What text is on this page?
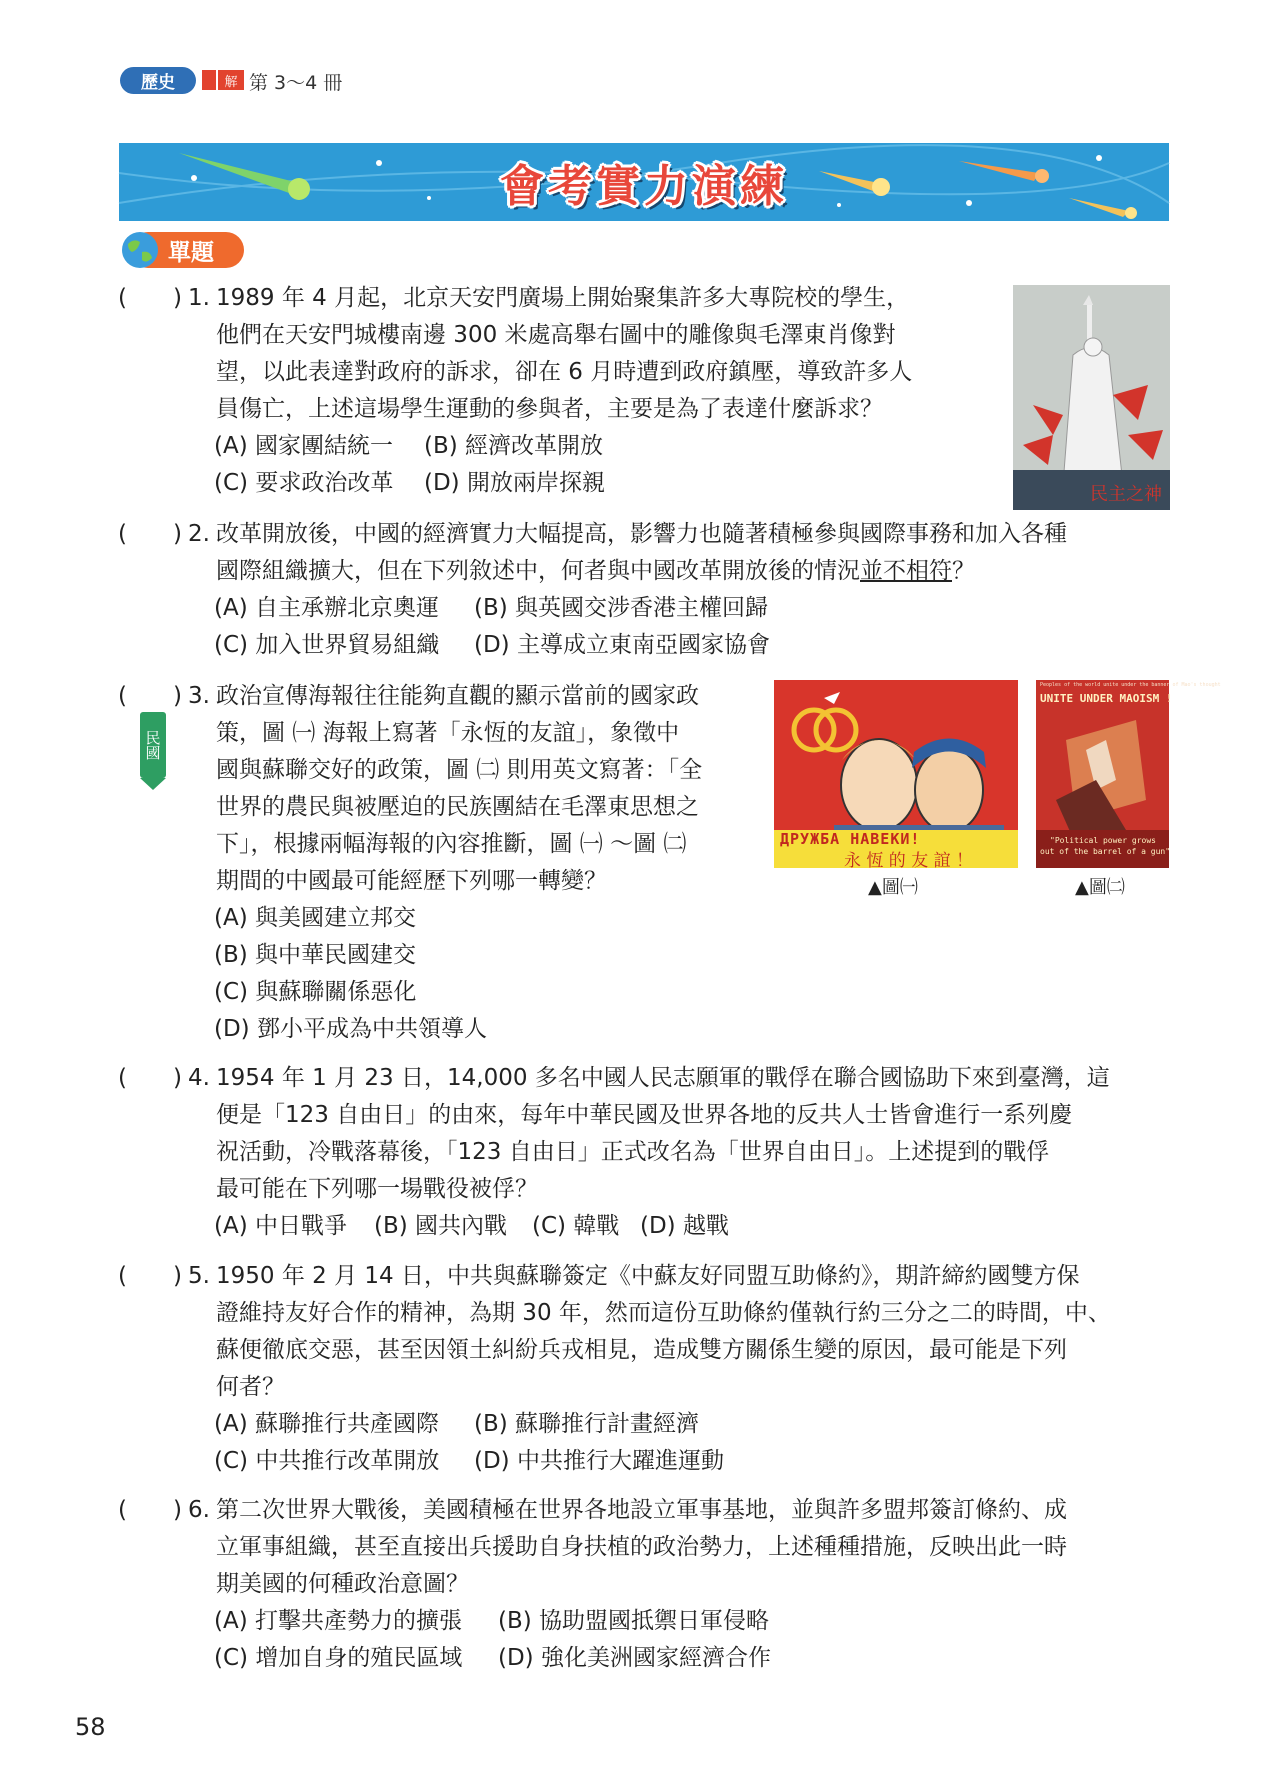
歷史	解 第 3～4 冊
會考實力演練
單題
(　　) 1. 1989 年 4 月起，北京天安門廣場上開始聚集許多大專院校的學生，
他們在天安門城樓南邊 300 米處高舉右圖中的雕像與毛澤東肖像對
望，以此表達對政府的訴求，卻在 6 月時遭到政府鎮壓，導致許多人
員傷亡，上述這場學生運動的參與者，主要是為了表達什麼訴求？
(A) 國家團結統一 (B) 經濟改革開放
(C) 要求政治改革 (D) 開放兩岸探親	民主之神
(　　) 2. 改革開放後，中國的經濟實力大幅提高，影響力也隨著積極參與國際事務和加入各種
國際組織擴大，但在下列敘述中，何者與中國改革開放後的情況並不相符？
(A) 自主承辦北京奧運 (B) 與英國交涉香港主權回歸
(C) 加入世界貿易組織 (D) 主導成立東南亞國家協會
民國
(　　) 3. 政治宣傳海報往往能夠直觀的顯示當前的國家政
策，圖 ㈠ 海報上寫著「永恆的友誼」，象徵中
國與蘇聯交好的政策，圖 ㈡ 則用英文寫著：「全
世界的農民與被壓迫的民族團結在毛澤東思想之
下」，根據兩幅海報的內容推斷，圖 ㈠ ～圖 ㈡
期間的中國最可能經歷下列哪一轉變？
(A) 與美國建立邦交
(B) 與中華民國建交
(C) 與蘇聯關係惡化
(D) 鄧小平成為中共領導人
ДРУЖБА НАВЕКИ!
永 恆 的 友 誼 ！
▲圖㈠
Peoples of the world unite under the banner of Mao's thought
UNITE UNDER MAOISM !
"Political power grows
out of the barrel of a gun"
▲圖㈡
(　　) 4. 1954 年 1 月 23 日，14,000 多名中國人民志願軍的戰俘在聯合國協助下來到臺灣，這
便是「123 自由日」的由來，每年中華民國及世界各地的反共人士皆會進行一系列慶
祝活動，冷戰落幕後，「123 自由日」正式改名為「世界自由日」。上述提到的戰俘
最可能在下列哪一場戰役被俘？
(A) 中日戰爭 (B) 國共內戰 (C) 韓戰 (D) 越戰
(　　) 5. 1950 年 2 月 14 日，中共與蘇聯簽定《中蘇友好同盟互助條約》，期許締約國雙方保
證維持友好合作的精神，為期 30 年，然而這份互助條約僅執行約三分之二的時間，中、
蘇便徹底交惡，甚至因領土糾紛兵戎相見，造成雙方關係生變的原因，最可能是下列
何者？
(A) 蘇聯推行共產國際 (B) 蘇聯推行計畫經濟
(C) 中共推行改革開放 (D) 中共推行大躍進運動
(　　) 6. 第二次世界大戰後，美國積極在世界各地設立軍事基地，並與許多盟邦簽訂條約、成
立軍事組織，甚至直接出兵援助自身扶植的政治勢力，上述種種措施，反映出此一時
期美國的何種政治意圖？
(A) 打擊共產勢力的擴張 (B) 協助盟國抵禦日軍侵略
(C) 增加自身的殖民區域 (D) 強化美洲國家經濟合作
58
